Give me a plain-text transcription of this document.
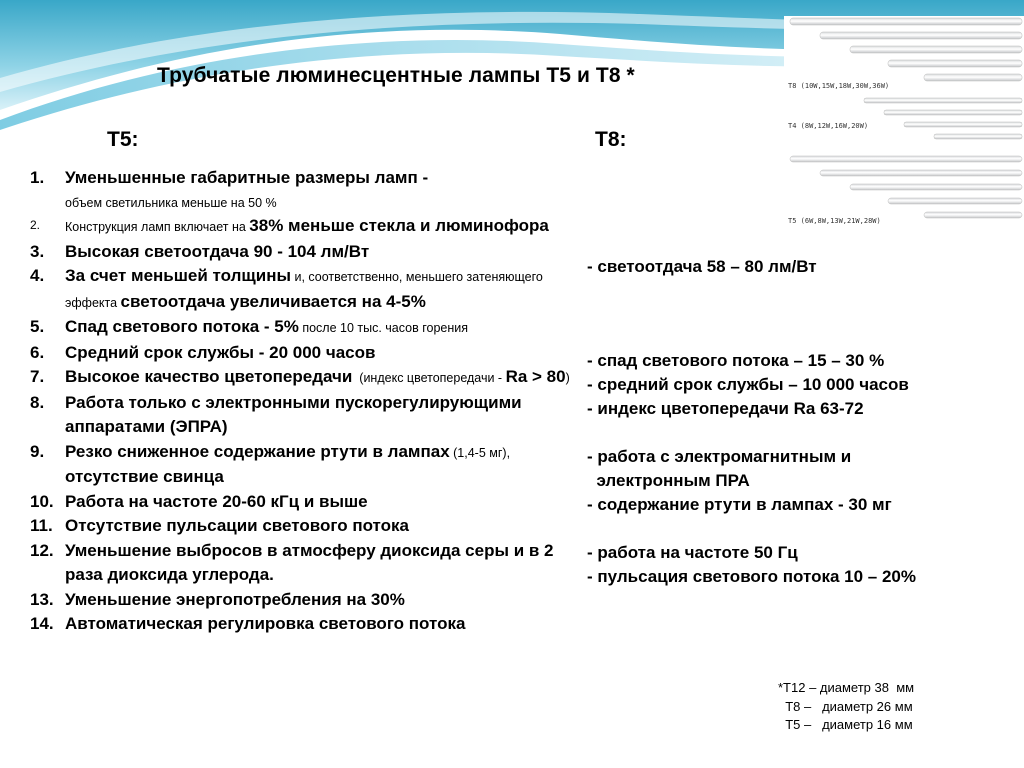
Трубчатые люминесцентные лампы Т5 и Т8 *	T8 (10W,15W,18W,30W,36W)
T4 (8W,12W,16W,20W)
T5 (6W,8W,13W,21W,28W)
T5:	T8:
1. Уменьшенные габаритные размеры ламп -
объем светильника меньше на 50 %
2. Конструкция ламп включает на 38% меньше стекла и люминофора
3. Высокая светоотдача 90 - 104 лм/Вт
4. За счет меньшей толщины и, соответственно, меньшего затеняющего эффекта светоотдача увеличивается на 4-5%
5. Спад светового потока - 5% после 10 тыс. часов горения
6. Средний срок службы - 20 000 часов
7. Высокое качество цветопередачи  (индекс цветопередачи - Ra > 80)
8. Работа только с электронными пускорегулирующими аппаратами (ЭПРА)
9. Резко сниженное содержание ртути в лампах (1,4-5 мг), отсутствие свинца
10. Работа на частоте 20-60 кГц и выше
11. Отсутствие пульсации светового потока
12. Уменьшение выбросов в атмосферу диоксида серы и в 2 раза диоксида углерода.
13. Уменьшение энергопотребления на 30%
14. Автоматическая регулировка светового потока
- светоотдача 58 – 80 лм/Вт
- спад светового потока – 15 – 30 %
- средний срок службы – 10 000 часов
- индекс цветопередачи Ra 63-72
- работа с электромагнитным и
электронным ПРА
- содержание ртути в лампах - 30 мг
- работа на частоте 50 Гц
- пульсация светового потока 10 – 20%
*Т12 – диаметр 38  мм
Т8 –   диаметр 26 мм
Т5 –   диаметр 16 мм
